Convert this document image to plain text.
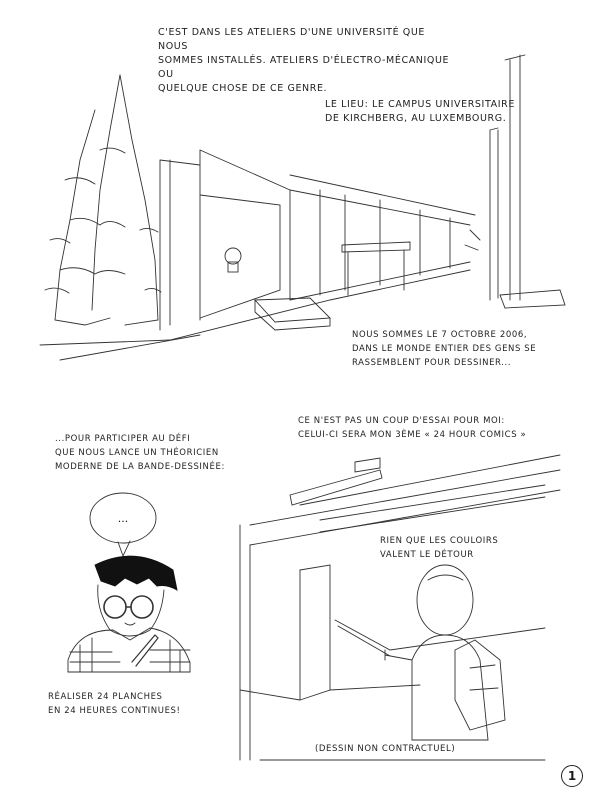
C'EST DANS LES ATELIERS D'UNE UNIVERSITÉ QUE NOUS
SOMMES INSTALLÉS. ATELIERS D'ÉLECTRO-MÉCANIQUE OU
QUELQUE CHOSE DE CE GENRE.
LE LIEU: LE CAMPUS UNIVERSITAIRE
DE KIRCHBERG, AU LUXEMBOURG.
NOUS SOMMES LE 7 OCTOBRE 2006,
DANS LE MONDE ENTIER DES GENS SE
RASSEMBLENT POUR DESSINER...
...POUR PARTICIPER AU DÉFI
QUE NOUS LANCE UN THÉORICIEN
MODERNE DE LA BANDE-DESSINÉE:
CE N'EST PAS UN COUP D'ESSAI POUR MOI:
CELUI-CI SERA MON 3ÈME « 24 HOUR COMICS »
RIEN QUE LES COULOIRS
VALENT LE DÉTOUR
RÉALISER 24 PLANCHES
EN 24 HEURES CONTINUES!
(DESSIN NON CONTRACTUEL)
...
1
